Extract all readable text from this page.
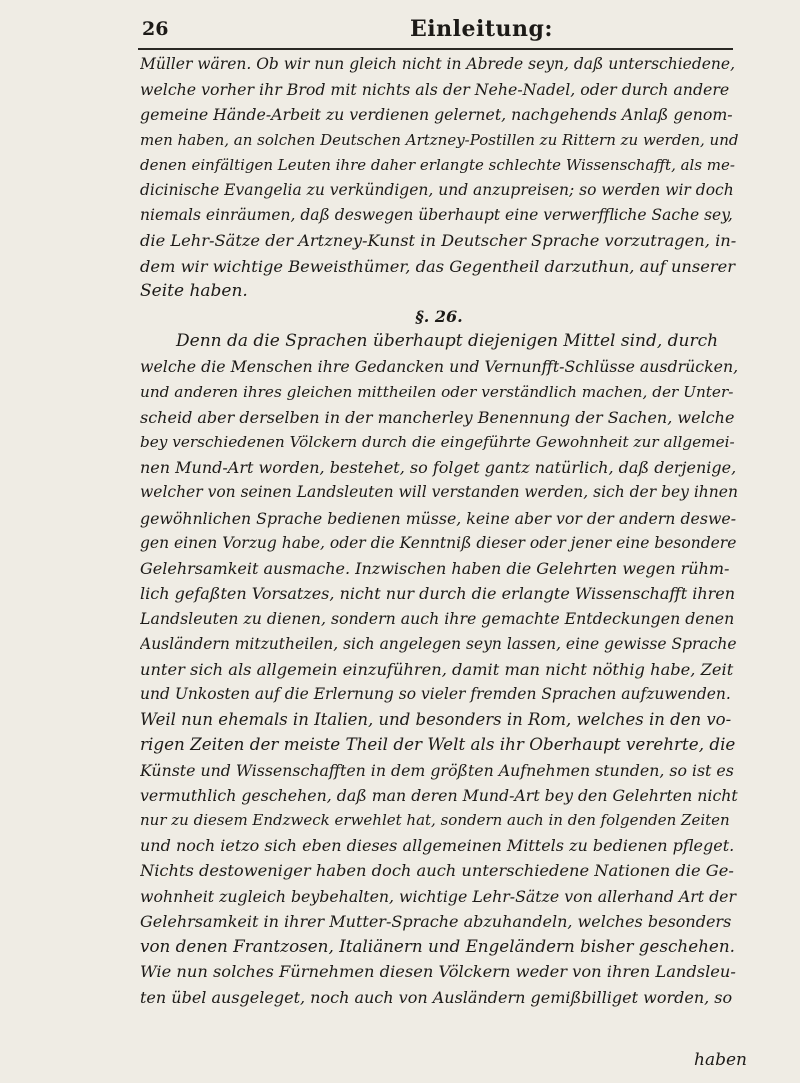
26	Einleitung:
Müller wären. Ob wir nun gleich nicht in Abrede seyn, daß unterschiedene,
welche vorher ihr Brod mit nichts als der Nehe-Nadel, oder durch andere
gemeine Hände-Arbeit zu verdienen gelernet, nachgehends Anlaß genom-
men haben, an solchen Deutschen Artzney-Postillen zu Rittern zu werden, und
denen einfältigen Leuten ihre daher erlangte schlechte Wissenschafft, als me-
dicinische Evangelia zu verkündigen, und anzupreisen; so werden wir doch
niemals einräumen, daß deswegen überhaupt eine verwerffliche Sache sey,
die Lehr-Sätze der Artzney-Kunst in Deutscher Sprache vorzutragen, in-
dem wir wichtige Beweisthümer, das Gegentheil darzuthun, auf unserer
Seite haben.
§. 26.
Denn da die Sprachen überhaupt diejenigen Mittel sind, durch
welche die Menschen ihre Gedancken und Vernunfft-Schlüsse ausdrücken,
und anderen ihres gleichen mittheilen oder verständlich machen, der Unter-
scheid aber derselben in der mancherley Benennung der Sachen, welche
bey verschiedenen Völckern durch die eingeführte Gewohnheit zur allgemei-
nen Mund-Art worden, bestehet, so folget gantz natürlich, daß derjenige,
welcher von seinen Landsleuten will verstanden werden, sich der bey ihnen
gewöhnlichen Sprache bedienen müsse, keine aber vor der andern deswe-
gen einen Vorzug habe, oder die Kenntniß dieser oder jener eine besondere
Gelehrsamkeit ausmache. Inzwischen haben die Gelehrten wegen rühm-
lich gefaßten Vorsatzes, nicht nur durch die erlangte Wissenschafft ihren
Landsleuten zu dienen, sondern auch ihre gemachte Entdeckungen denen
Ausländern mitzutheilen, sich angelegen seyn lassen, eine gewisse Sprache
unter sich als allgemein einzuführen, damit man nicht nöthig habe, Zeit
und Unkosten auf die Erlernung so vieler fremden Sprachen aufzuwenden.
Weil nun ehemals in Italien, und besonders in Rom, welches in den vo-
rigen Zeiten der meiste Theil der Welt als ihr Oberhaupt verehrte, die
Künste und Wissenschafften in dem größten Aufnehmen stunden, so ist es
vermuthlich geschehen, daß man deren Mund-Art bey den Gelehrten nicht
nur zu diesem Endzweck erwehlet hat, sondern auch in den folgenden Zeiten
und noch ietzo sich eben dieses allgemeinen Mittels zu bedienen pfleget.
Nichts destoweniger haben doch auch unterschiedene Nationen die Ge-
wohnheit zugleich beybehalten, wichtige Lehr-Sätze von allerhand Art der
Gelehrsamkeit in ihrer Mutter-Sprache abzuhandeln, welches besonders
von denen Frantzosen, Italiänern und Engeländern bisher geschehen.
Wie nun solches Fürnehmen diesen Völckern weder von ihren Landsleu-
ten übel ausgeleget, noch auch von Ausländern gemißbilliget worden, so
haben
